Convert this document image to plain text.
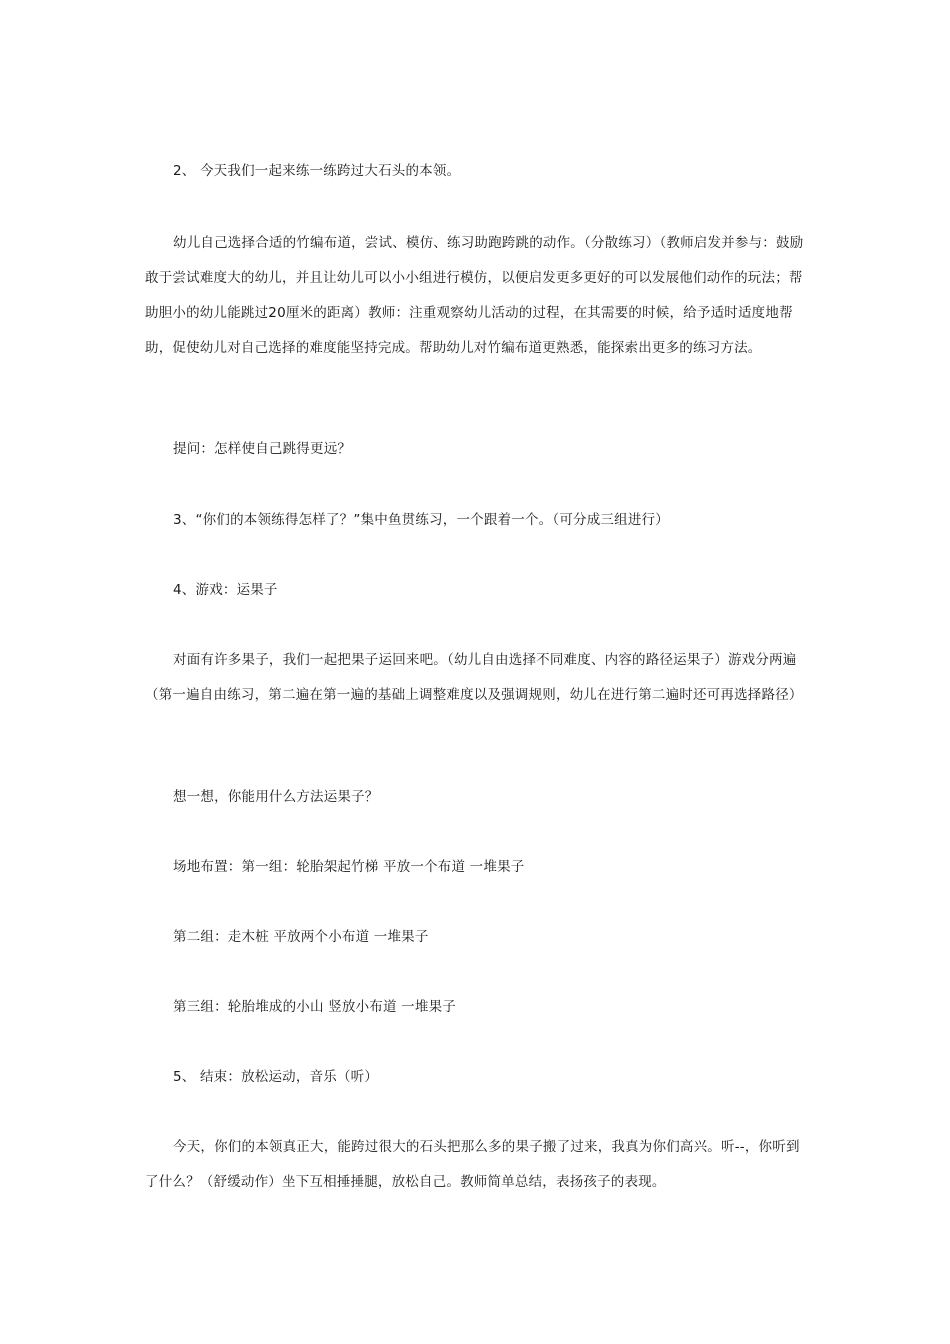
2、 今天我们一起来练一练跨过大石头的本领。

幼儿自己选择合适的竹编布道，尝试、模仿、练习助跑跨跳的动作。（分散练习）（教师启发并参与：鼓励敢于尝试难度大的幼儿，并且让幼儿可以小小组进行模仿，以便启发更多更好的可以发展他们动作的玩法；帮助胆小的幼儿能跳过20厘米的距离）教师：注重观察幼儿活动的过程，在其需要的时候，给予适时适度地帮助，促使幼儿对自己选择的难度能坚持完成。帮助幼儿对竹编布道更熟悉，能探索出更多的练习方法。

提问：怎样使自己跳得更远？

3、“你们的本领练得怎样了？”集中鱼贯练习，一个跟着一个。（可分成三组进行）

4、游戏：运果子

对面有许多果子，我们一起把果子运回来吧。（幼儿自由选择不同难度、内容的路径运果子）游戏分两遍（第一遍自由练习，第二遍在第一遍的基础上调整难度以及强调规则，幼儿在进行第二遍时还可再选择路径）

想一想，你能用什么方法运果子？

场地布置：第一组：轮胎架起竹梯 平放一个布道 一堆果子

第二组：走木桩 平放两个小布道 一堆果子

第三组：轮胎堆成的小山 竖放小布道 一堆果子

5、 结束：放松运动，音乐（听）

今天，你们的本领真正大，能跨过很大的石头把那么多的果子搬了过来，我真为你们高兴。听--，你听到了什么？（舒缓动作）坐下互相捶捶腿，放松自己。教师简单总结，表扬孩子的表现。
